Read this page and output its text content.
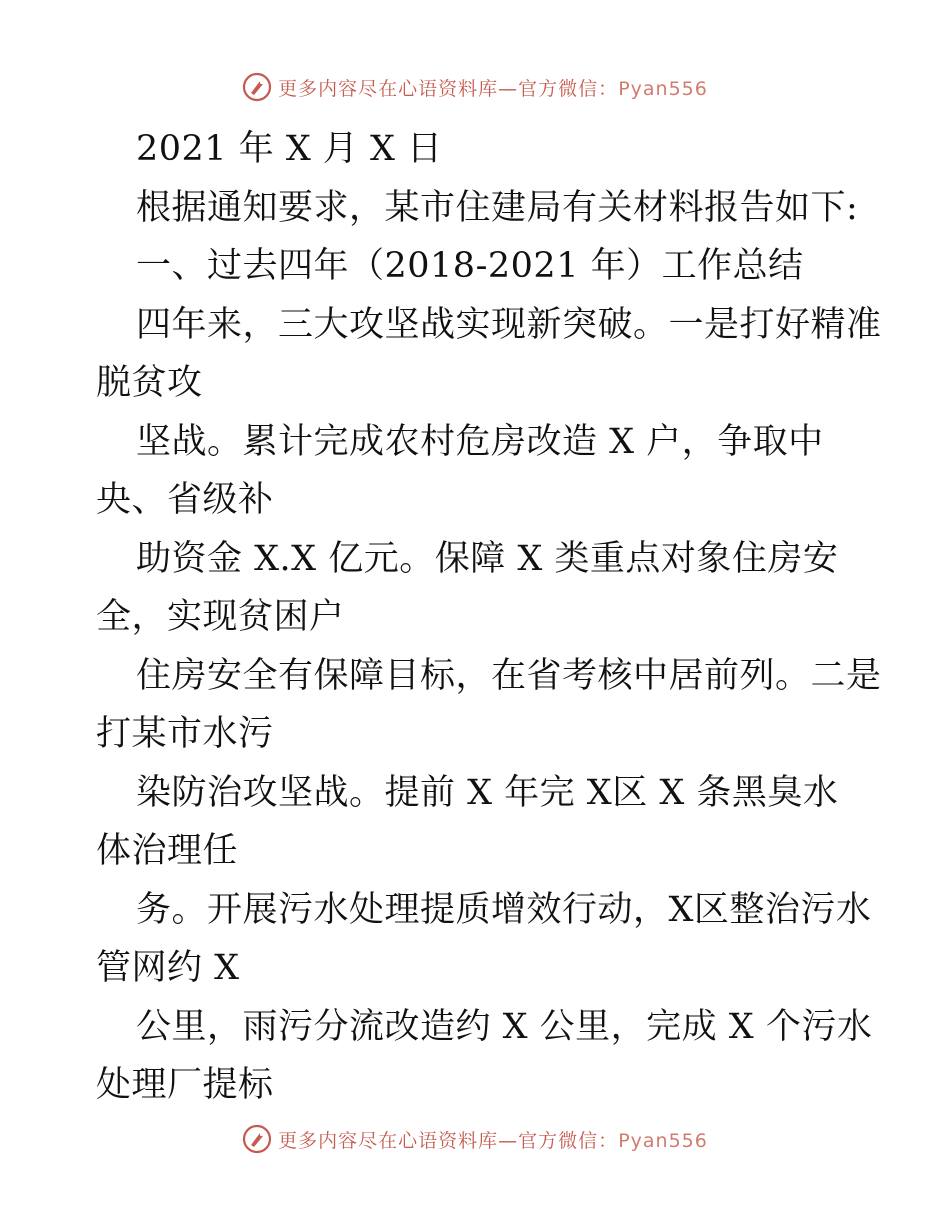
更多内容尽在心语资料库—官方微信：Pyan556
2021 年 X 月 X 日
根据通知要求，某市住建局有关材料报告如下:
一、过去四年（2018-2021 年）工作总结
四年来，三大攻坚战实现新突破。一是打好精准
脱贫攻
坚战。累计完成农村危房改造 X 户，争取中
央、省级补
助资金 X.X 亿元。保障 X 类重点对象住房安
全，实现贫困户
住房安全有保障目标，在省考核中居前列。二是
打某市水污
染防治攻坚战。提前 X 年完 X区 X 条黑臭水
体治理任
务。开展污水处理提质增效行动，X区整治污水
管网约 X
公里，雨污分流改造约 X 公里，完成 X 个污水
处理厂提标
更多内容尽在心语资料库—官方微信：Pyan556
